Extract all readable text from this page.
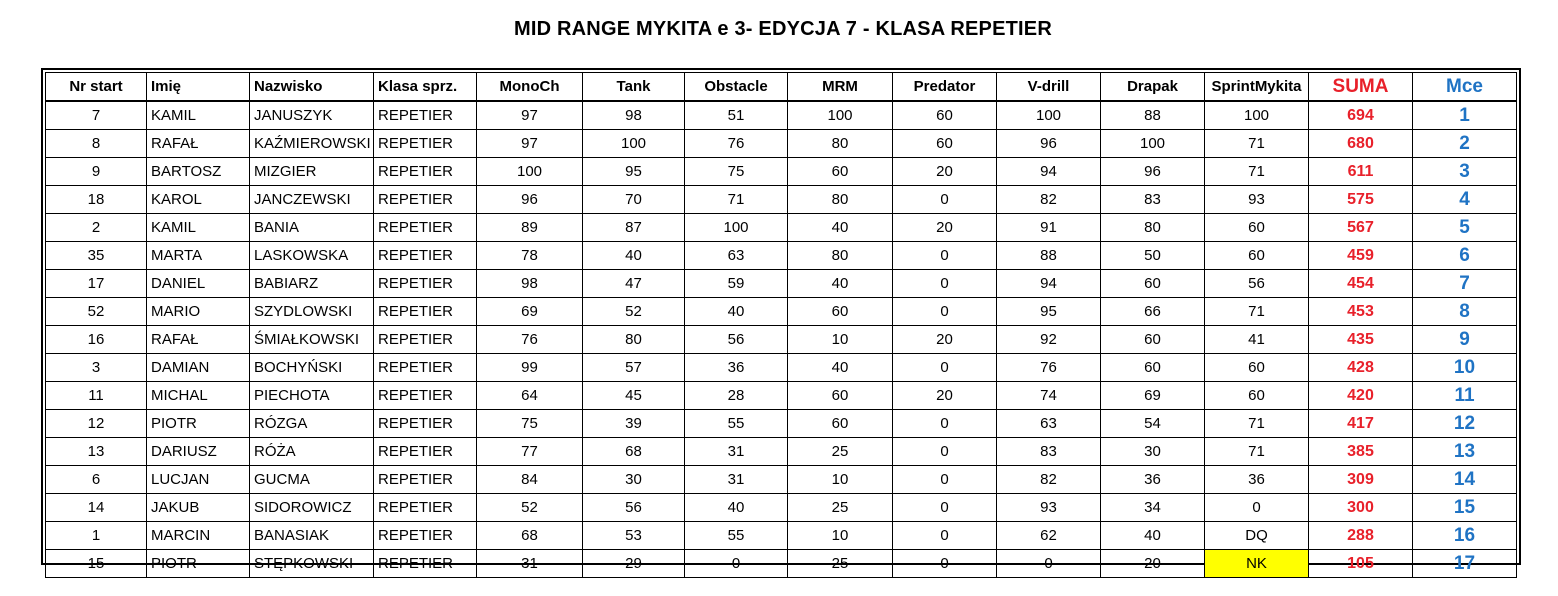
MID RANGE MYKITA e 3- EDYCJA 7 - KLASA REPETIER
Nr start	Imię	Nazwisko	Klasa sprz.	MonoCh	Tank	Obstacle	MRM	Predator	V-drill	Drapak	SprintMykita	SUMA	Mce
7	KAMIL	JANUSZYK	REPETIER	97	98	51	100	60	100	88	100	694	1
8	RAFAŁ	KAŹMIEROWSKI	REPETIER	97	100	76	80	60	96	100	71	680	2
9	BARTOSZ	MIZGIER	REPETIER	100	95	75	60	20	94	96	71	611	3
18	KAROL	JANCZEWSKI	REPETIER	96	70	71	80	0	82	83	93	575	4
2	KAMIL	BANIA	REPETIER	89	87	100	40	20	91	80	60	567	5
35	MARTA	LASKOWSKA	REPETIER	78	40	63	80	0	88	50	60	459	6
17	DANIEL	BABIARZ	REPETIER	98	47	59	40	0	94	60	56	454	7
52	MARIO	SZYDLOWSKI	REPETIER	69	52	40	60	0	95	66	71	453	8
16	RAFAŁ	ŚMIAŁKOWSKI	REPETIER	76	80	56	10	20	92	60	41	435	9
3	DAMIAN	BOCHYŃSKI	REPETIER	99	57	36	40	0	76	60	60	428	10
11	MICHAL	PIECHOTA	REPETIER	64	45	28	60	20	74	69	60	420	11
12	PIOTR	RÓZGA	REPETIER	75	39	55	60	0	63	54	71	417	12
13	DARIUSZ	RÓŻA	REPETIER	77	68	31	25	0	83	30	71	385	13
6	LUCJAN	GUCMA	REPETIER	84	30	31	10	0	82	36	36	309	14
14	JAKUB	SIDOROWICZ	REPETIER	52	56	40	25	0	93	34	0	300	15
1	MARCIN	BANASIAK	REPETIER	68	53	55	10	0	62	40	DQ	288	16
15	PIOTR	STĘPKOWSKI	REPETIER	31	29	0	25	0	0	20	NK	105	17
